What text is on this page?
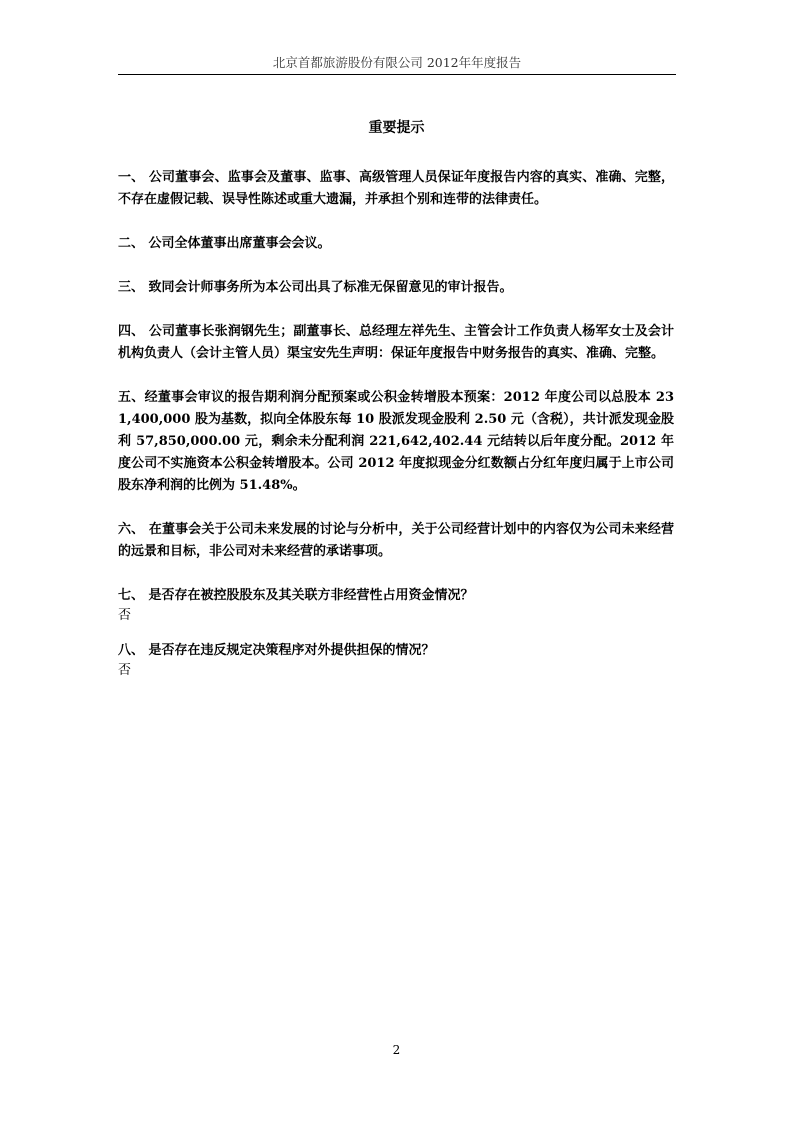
北京首都旅游股份有限公司 2012年年度报告
重要提示
一、 公司董事会、监事会及董事、监事、高级管理人员保证年度报告内容的真实、准确、完整，不存在虚假记载、误导性陈述或重大遗漏，并承担个别和连带的法律责任。
二、 公司全体董事出席董事会会议。
三、 致同会计师事务所为本公司出具了标准无保留意见的审计报告。
四、 公司董事长张润钢先生；副董事长、总经理左祥先生、主管会计工作负责人杨军女士及会计机构负责人（会计主管人员）渠宝安先生声明：保证年度报告中财务报告的真实、准确、完整。
五、经董事会审议的报告期利润分配预案或公积金转增股本预案：2012 年度公司以总股本 231,400,000 股为基数，拟向全体股东每 10 股派发现金股利 2.50 元（含税），共计派发现金股利 57,850,000.00 元，剩余未分配利润 221,642,402.44 元结转以后年度分配。2012 年度公司不实施资本公积金转增股本。公司 2012 年度拟现金分红数额占分红年度归属于上市公司股东净利润的比例为 51.48%。
六、 在董事会关于公司未来发展的讨论与分析中，关于公司经营计划中的内容仅为公司未来经营的远景和目标，非公司对未来经营的承诺事项。
七、 是否存在被控股股东及其关联方非经营性占用资金情况？
否
八、 是否存在违反规定决策程序对外提供担保的情况？
否
2
